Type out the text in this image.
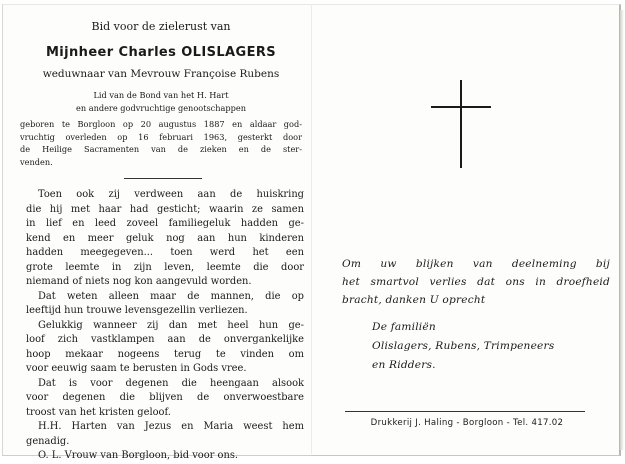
Bid voor de zielerust van
Mijnheer Charles OLISLAGERS
weduwnaar van Mevrouw Françoise Rubens
Lid van de Bond van het H. Hart
en andere godvruchtige genootschappen
geboren te Borgloon op 20 augustus 1887 en aldaar god-
vruchtig overleden op 16 februari 1963, gesterkt door
de Heilige Sacramenten van de zieken en de ster-
venden.
Toen ook zij verdween aan de huiskring
die hij met haar had gesticht; waarin ze samen
in lief en leed zoveel familiegeluk hadden ge-
kend en meer geluk nog aan hun kinderen
hadden meegegeven... toen werd het een
grote leemte in zijn leven, leemte die door
niemand of niets nog kon aangevuld worden.
Dat weten alleen maar de mannen, die op
leeftijd hun trouwe levensgezellin verliezen.
Gelukkig wanneer zij dan met heel hun ge-
loof zich vastklampen aan de onvergankelijke
hoop mekaar nogeens terug te vinden om
voor eeuwig saam te berusten in Gods vree.
Dat is voor degenen die heengaan alsook
voor degenen die blijven de onverwoestbare
troost van het kristen geloof.
H.H. Harten van Jezus en Maria weest hem
genadig.
O. L. Vrouw van Borgloon, bid voor ons.
Om uw blijken van deelneming bij
het smartvol verlies dat ons in droefheid
bracht, danken U oprecht
De familiën
Olislagers, Rubens, Trimpeneers
en Ridders.
Drukkerij J. Haling - Borgloon - Tel. 417.02
